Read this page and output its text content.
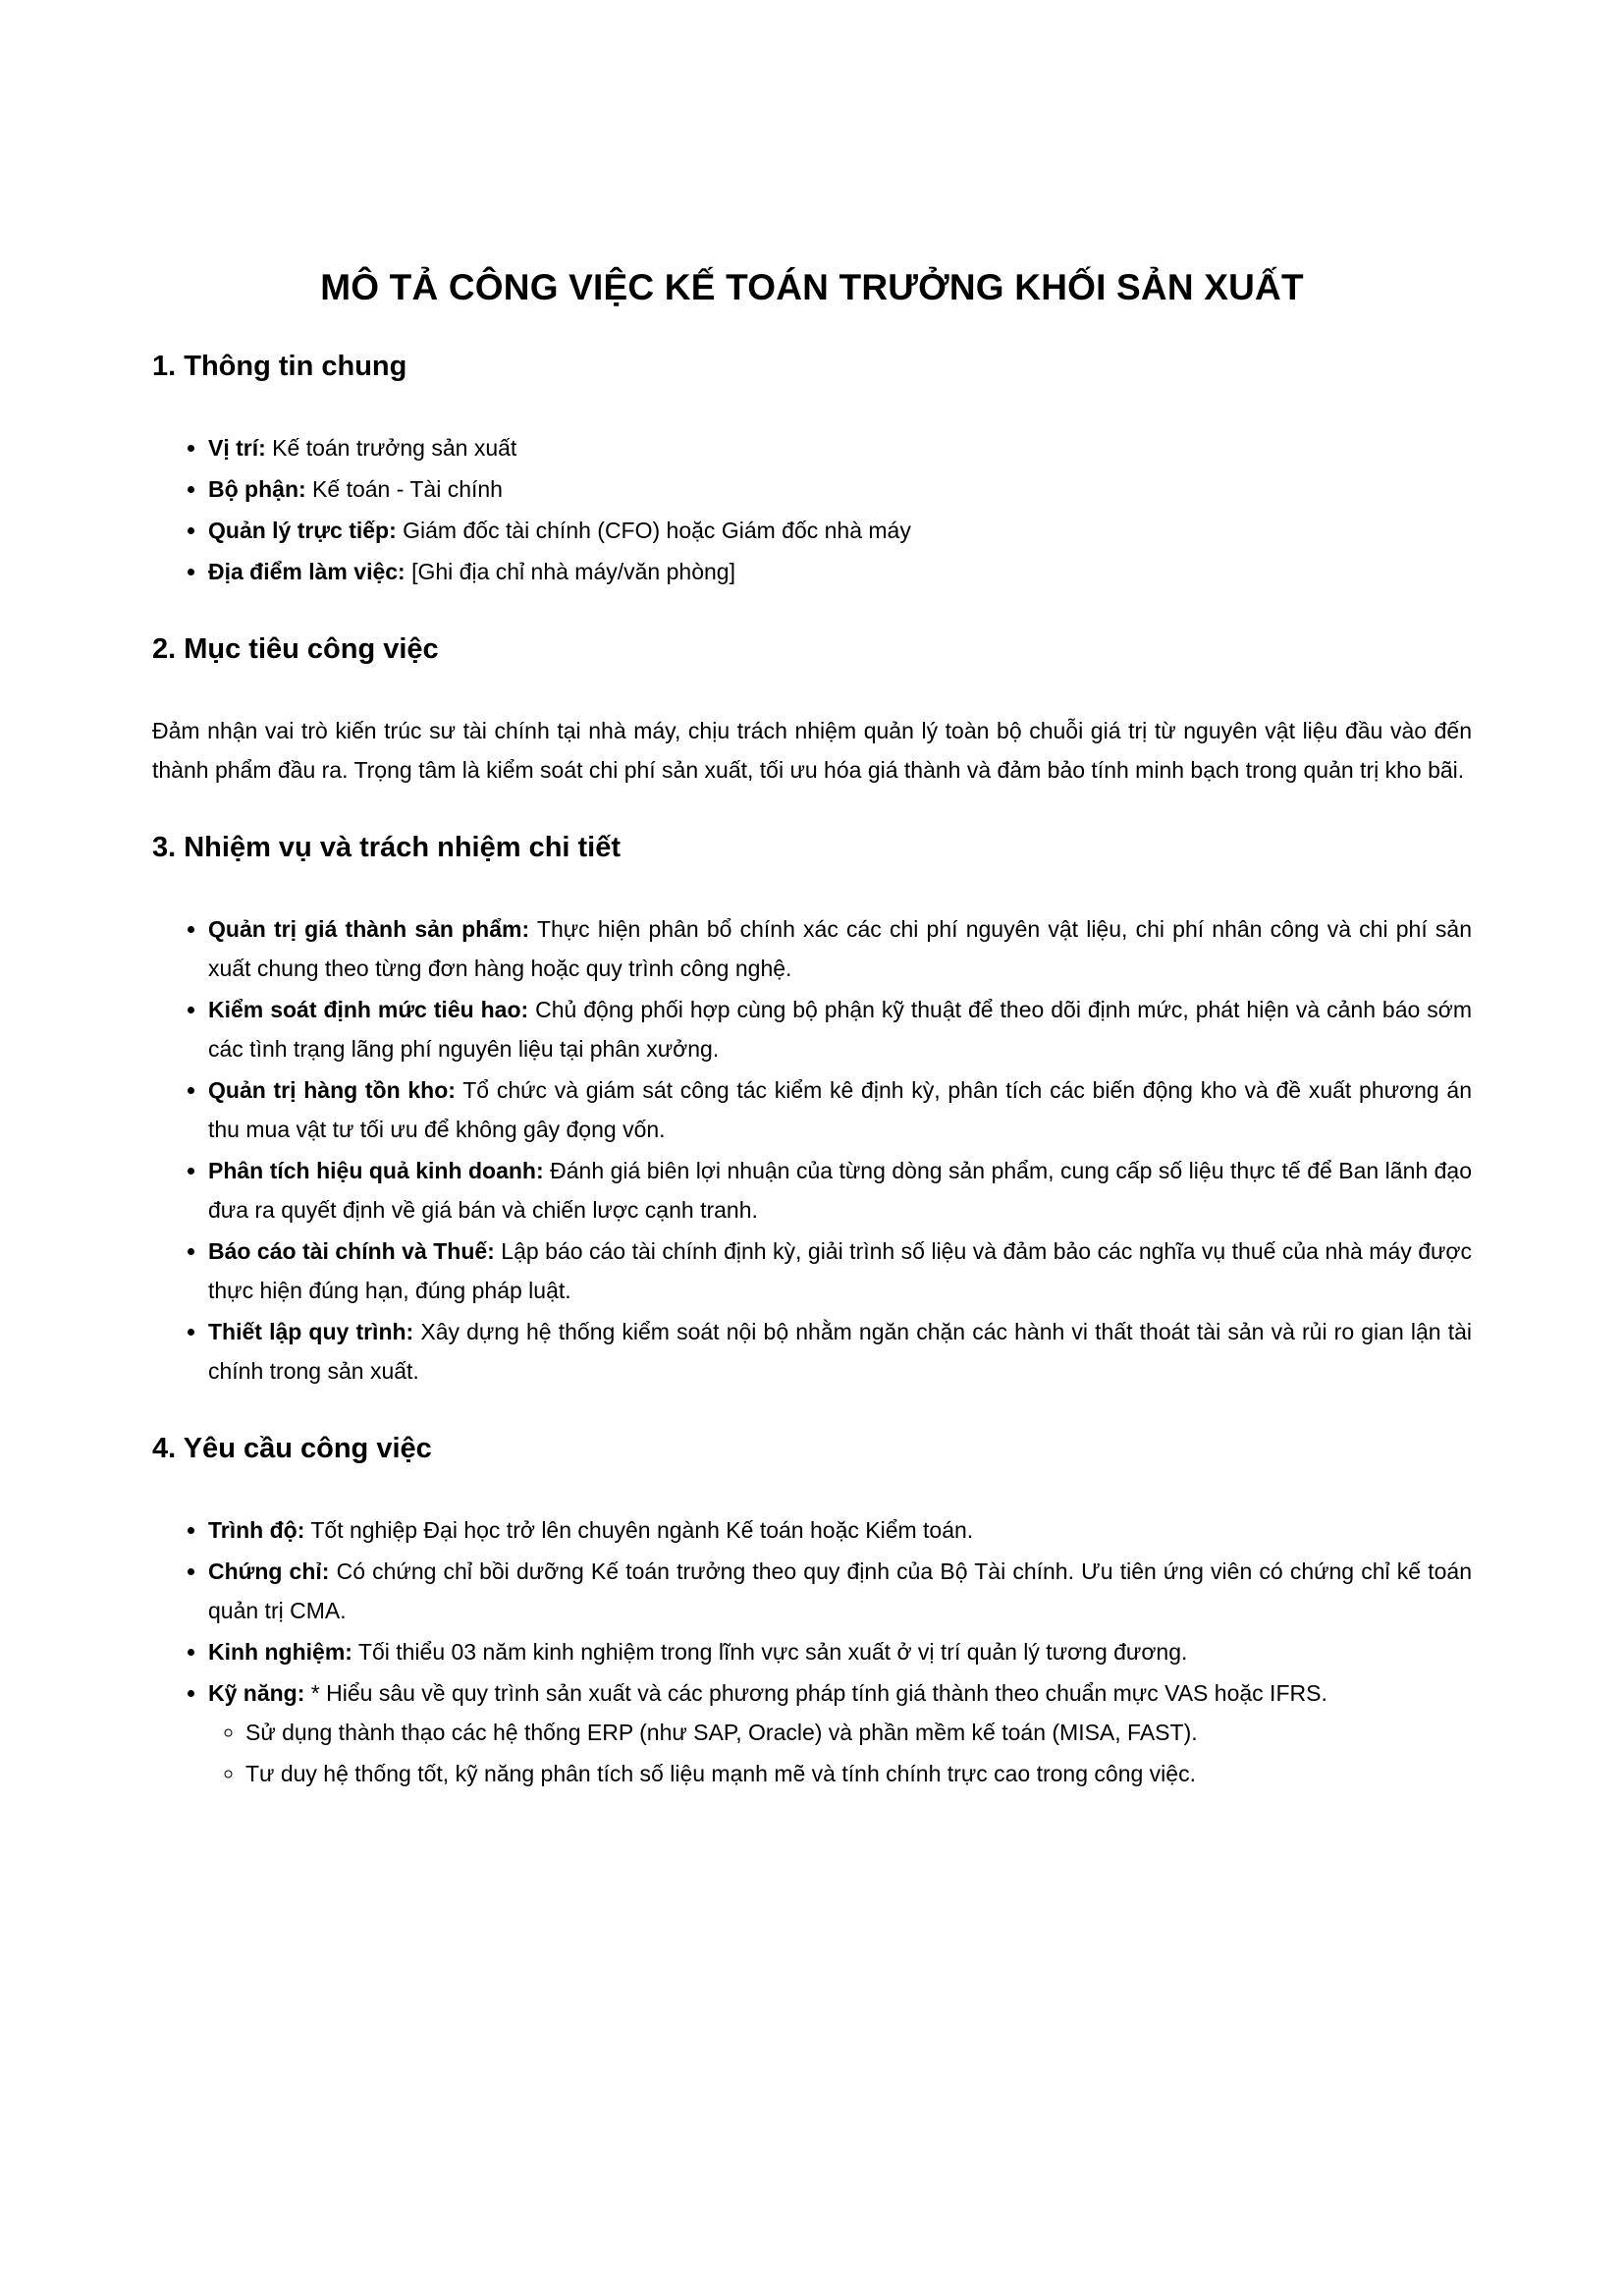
MÔ TẢ CÔNG VIỆC KẾ TOÁN TRƯỞNG KHỐI SẢN XUẤT
1. Thông tin chung
• Vị trí: Kế toán trưởng sản xuất
• Bộ phận: Kế toán - Tài chính
• Quản lý trực tiếp: Giám đốc tài chính (CFO) hoặc Giám đốc nhà máy
• Địa điểm làm việc: [Ghi địa chỉ nhà máy/văn phòng]
2. Mục tiêu công việc

Đảm nhận vai trò kiến trúc sư tài chính tại nhà máy, chịu trách nhiệm quản lý toàn bộ chuỗi giá trị từ nguyên vật liệu đầu vào đến thành phẩm đầu ra. Trọng tâm là kiểm soát chi phí sản xuất, tối ưu hóa giá thành và đảm bảo tính minh bạch trong quản trị kho bãi.

3. Nhiệm vụ và trách nhiệm chi tiết
• Quản trị giá thành sản phẩm: Thực hiện phân bổ chính xác các chi phí nguyên vật liệu, chi phí nhân công và chi phí sản xuất chung theo từng đơn hàng hoặc quy trình công nghệ.
• Kiểm soát định mức tiêu hao: Chủ động phối hợp cùng bộ phận kỹ thuật để theo dõi định mức, phát hiện và cảnh báo sớm các tình trạng lãng phí nguyên liệu tại phân xưởng.
• Quản trị hàng tồn kho: Tổ chức và giám sát công tác kiểm kê định kỳ, phân tích các biến động kho và đề xuất phương án thu mua vật tư tối ưu để không gây đọng vốn.
• Phân tích hiệu quả kinh doanh: Đánh giá biên lợi nhuận của từng dòng sản phẩm, cung cấp số liệu thực tế để Ban lãnh đạo đưa ra quyết định về giá bán và chiến lược cạnh tranh.
• Báo cáo tài chính và Thuế: Lập báo cáo tài chính định kỳ, giải trình số liệu và đảm bảo các nghĩa vụ thuế của nhà máy được thực hiện đúng hạn, đúng pháp luật.
• Thiết lập quy trình: Xây dựng hệ thống kiểm soát nội bộ nhằm ngăn chặn các hành vi thất thoát tài sản và rủi ro gian lận tài chính trong sản xuất.
4. Yêu cầu công việc
• Trình độ: Tốt nghiệp Đại học trở lên chuyên ngành Kế toán hoặc Kiểm toán.
• Chứng chỉ: Có chứng chỉ bồi dưỡng Kế toán trưởng theo quy định của Bộ Tài chính. Ưu tiên ứng viên có chứng chỉ kế toán quản trị CMA.
• Kinh nghiệm: Tối thiểu 03 năm kinh nghiệm trong lĩnh vực sản xuất ở vị trí quản lý tương đương.
• Kỹ năng: * Hiểu sâu về quy trình sản xuất và các phương pháp tính giá thành theo chuẩn mực VAS hoặc IFRS.
◦ Sử dụng thành thạo các hệ thống ERP (như SAP, Oracle) và phần mềm kế toán (MISA, FAST).
◦ Tư duy hệ thống tốt, kỹ năng phân tích số liệu mạnh mẽ và tính chính trực cao trong công việc.
